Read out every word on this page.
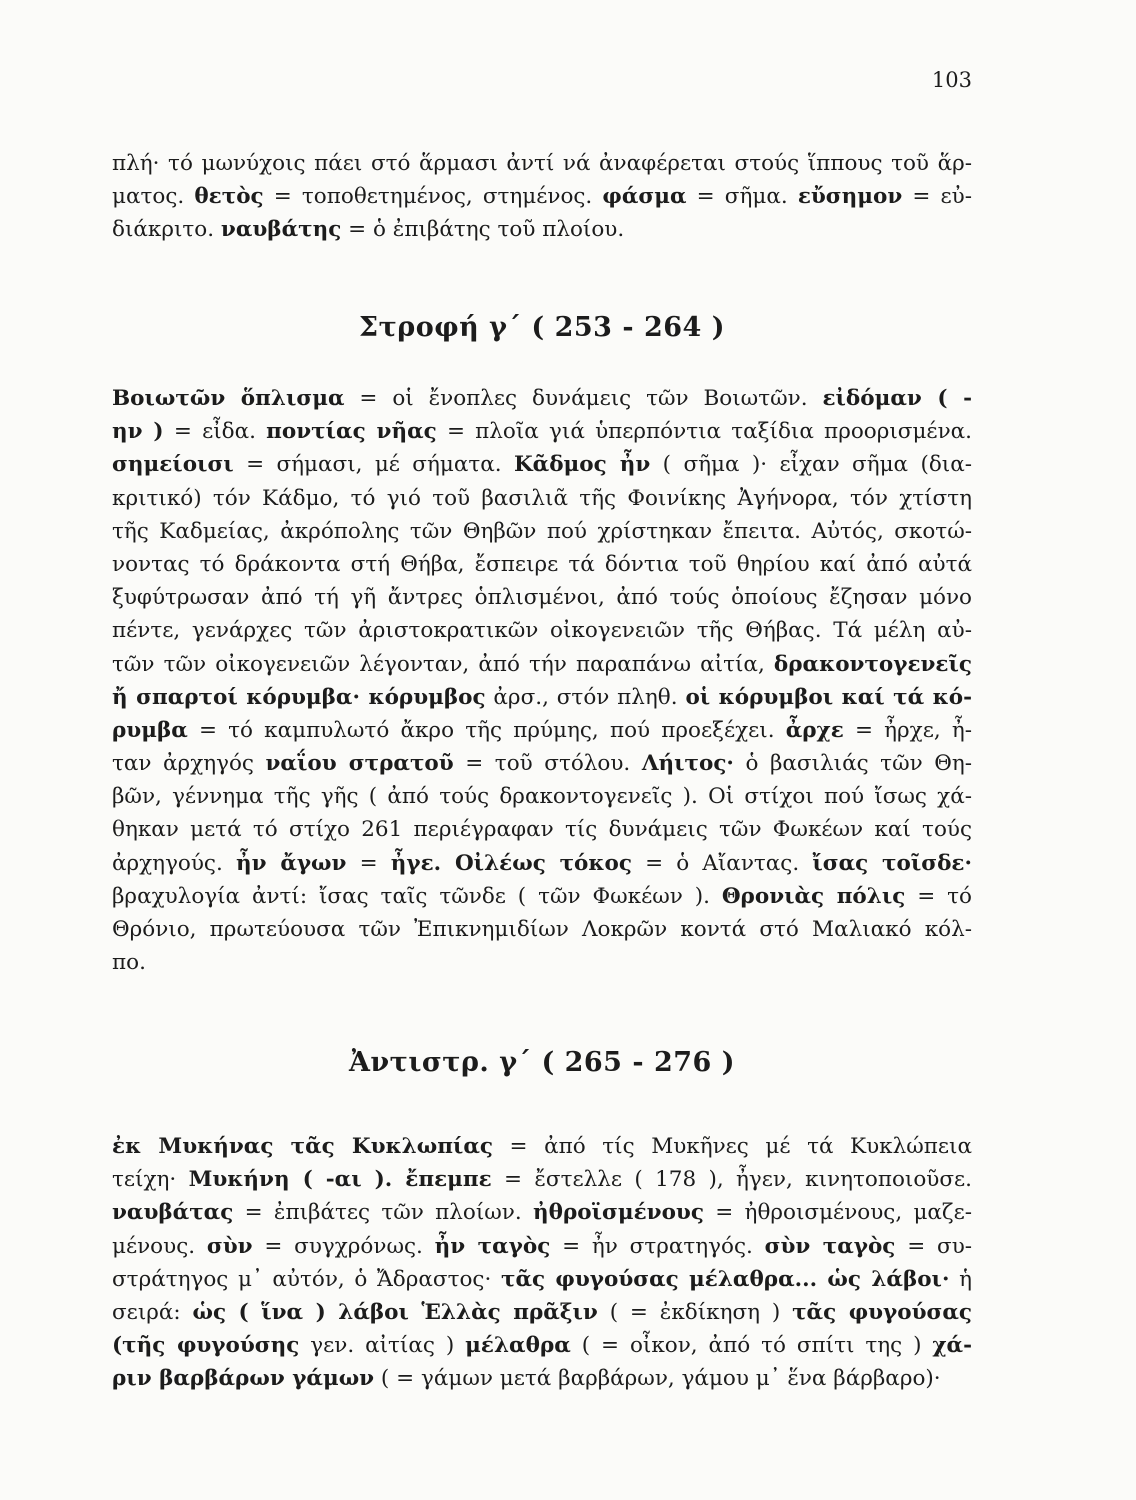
103
πλή· τό μωνύχοις πάει στό ἅρμασι ἀντί νά ἀναφέρεται στούς ἵππους τοῦ ἅρ-
ματος. θετὸς = τοποθετημένος, στημένος. φάσμα = σῆμα. εὔσημον = εὐ-
διάκριτο. ναυβάτης = ὁ ἐπιβάτης τοῦ πλοίου.
Στροφή γ΄ ( 253 - 264 )
Βοιωτῶν ὅπλισμα = οἱ ἔνοπλες δυνάμεις τῶν Βοιωτῶν. εἰδόμαν ( -
ην ) = εἶδα. ποντίας νῆας = πλοῖα γιά ὑπερπόντια ταξίδια προορισμένα.
σημείοισι = σήμασι, μέ σήματα. Κᾶδμος ἦν ( σῆμα )· εἶχαν σῆμα (δια-
κριτικό) τόν Κάδμο, τό γιό τοῦ βασιλιᾶ τῆς Φοινίκης Ἀγήνορα, τόν χτίστη
τῆς Καδμείας, ἀκρόπολης τῶν Θηβῶν πού χρίστηκαν ἔπειτα. Αὐτός, σκοτώ-
νοντας τό δράκοντα στή Θήβα, ἔσπειρε τά δόντια τοῦ θηρίου καί ἀπό αὐτά
ξυφύτρωσαν ἀπό τή γῆ ἄντρες ὁπλισμένοι, ἀπό τούς ὁποίους ἔζησαν μόνο
πέντε, γενάρχες τῶν ἀριστοκρατικῶν οἰκογενειῶν τῆς Θήβας. Τά μέλη αὐ-
τῶν τῶν οἰκογενειῶν λέγονταν, ἀπό τήν παραπάνω αἰτία, δρακοντογενεῖς
ἤ σπαρτοί κόρυμβα· κόρυμβος ἀρσ., στόν πληθ. οἱ κόρυμβοι καί τά κό-
ρυμβα = τό καμπυλωτό ἄκρο τῆς πρύμης, πού προεξέχει. ἆρχε = ἦρχε, ἦ-
ταν ἀρχηγός ναΐου στρατοῦ = τοῦ στόλου. Λήιτος· ὁ βασιλιάς τῶν Θη-
βῶν, γέννημα τῆς γῆς ( ἀπό τούς δρακοντογενεῖς ). Οἱ στίχοι πού ἴσως χά-
θηκαν μετά τό στίχο 261 περιέγραφαν τίς δυνάμεις τῶν Φωκέων καί τούς
ἀρχηγούς. ἦν ἄγων = ἦγε. Οἰλέως τόκος = ὁ Αἴαντας. ἴσας τοῖσδε·
βραχυλογία ἀντί: ἴσας ταῖς τῶνδε ( τῶν Φωκέων ). Θρονιὰς πόλις = τό
Θρόνιο, πρωτεύουσα τῶν Ἐπικνημιδίων Λοκρῶν κοντά στό Μαλιακό κόλ-
πο.
Ἀντιστρ. γ΄ ( 265 - 276 )
ἐκ Μυκήνας τᾶς Κυκλωπίας = ἀπό τίς Μυκῆνες μέ τά Κυκλώπεια
τείχη· Μυκήνη ( -αι ). ἔπεμπε = ἔστελλε ( 178 ), ἦγεν, κινητοποιοῦσε.
ναυβάτας = ἐπιβάτες τῶν πλοίων. ἠθροϊσμένους = ἠθροισμένους, μαζε-
μένους. σὺν = συγχρόνως. ἦν ταγὸς = ἦν στρατηγός. σὺν ταγὸς = συ-
στράτηγος μ᾽ αὐτόν, ὁ Ἄδραστος· τᾶς φυγούσας μέλαθρα... ὡς λάβοι· ἡ
σειρά: ὡς ( ἵνα ) λάβοι Ἑλλὰς πρᾶξιν ( = ἐκδίκηση ) τᾶς φυγούσας
(τῆς φυγούσης γεν. αἰτίας ) μέλαθρα ( = οἶκον, ἀπό τό σπίτι της ) χά-
ριν βαρβάρων γάμων ( = γάμων μετά βαρβάρων, γάμου μ᾽ ἕνα βάρβαρο)·
